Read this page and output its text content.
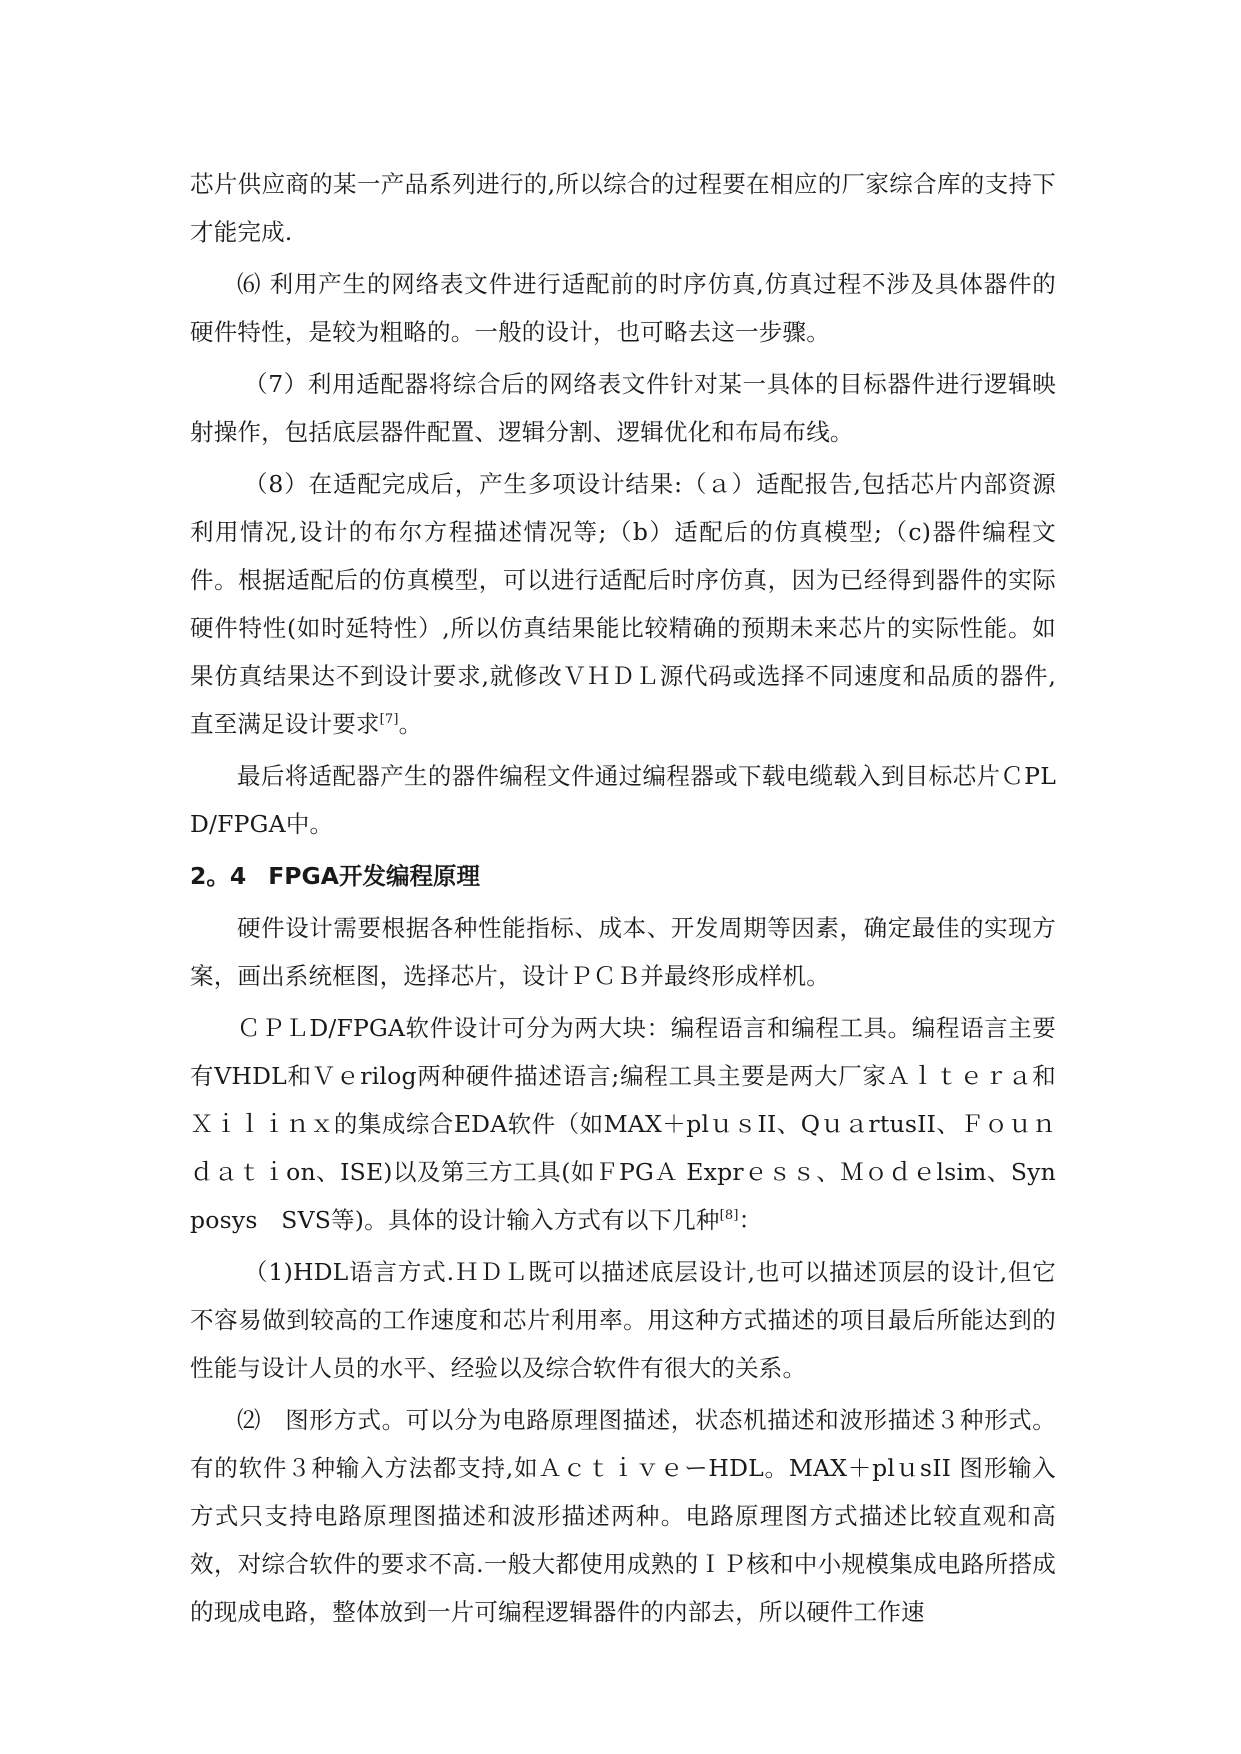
芯片供应商的某一产品系列进行的,所以综合的过程要在相应的厂家综合库的支持下才能完成.

⑹ 利用产生的网络表文件进行适配前的时序仿真,仿真过程不涉及具体器件的硬件特性，是较为粗略的。一般的设计，也可略去这一步骤。

（7）利用适配器将综合后的网络表文件针对某一具体的目标器件进行逻辑映射操作，包括底层器件配置、逻辑分割、逻辑优化和布局布线。

（8）在适配完成后，产生多项设计结果:（ａ）适配报告,包括芯片内部资源利用情况,设计的布尔方程描述情况等;（b）适配后的仿真模型;（c)器件编程文件。根据适配后的仿真模型，可以进行适配后时序仿真，因为已经得到器件的实际硬件特性(如时延特性）,所以仿真结果能比较精确的预期未来芯片的实际性能。如果仿真结果达不到设计要求,就修改ＶＨＤＬ源代码或选择不同速度和品质的器件,直至满足设计要求[7]。

最后将适配器产生的器件编程文件通过编程器或下载电缆载入到目标芯片ＣPLD/FPGA中。

2。4 FPGA开发编程原理

硬件设计需要根据各种性能指标、成本、开发周期等因素，确定最佳的实现方案，画出系统框图，选择芯片，设计ＰＣＢ并最终形成样机。

ＣＰＬD/FPGA软件设计可分为两大块：编程语言和编程工具。编程语言主要有VHDL和Ｖｅrilog两种硬件描述语言;编程工具主要是两大厂家Ａｌｔｅｒａ和Ｘｉｌｉｎｘ的集成综合EDA软件（如MAX＋plｕｓII、QｕａrtusII、Ｆｏｕｎｄａｔｉon、ISE)以及第三方工具(如ＦPGＡ Exprｅｓｓ、Ｍｏｄｅlsim、Synposys　SVS等)。具体的设计输入方式有以下几种[8]：

（1)HDL语言方式.ＨＤＬ既可以描述底层设计,也可以描述顶层的设计,但它不容易做到较高的工作速度和芯片利用率。用这种方式描述的项目最后所能达到的性能与设计人员的水平、经验以及综合软件有很大的关系。

⑵　图形方式。可以分为电路原理图描述，状态机描述和波形描述３种形式。有的软件３种输入方法都支持,如ＡｃｔｉｖｅーHDL。MAX＋plｕsII 图形输入方式只支持电路原理图描述和波形描述两种。电路原理图方式描述比较直观和高效，对综合软件的要求不高.一般大都使用成熟的ＩＰ核和中小规模集成电路所搭成的现成电路，整体放到一片可编程逻辑器件的内部去，所以硬件工作速
